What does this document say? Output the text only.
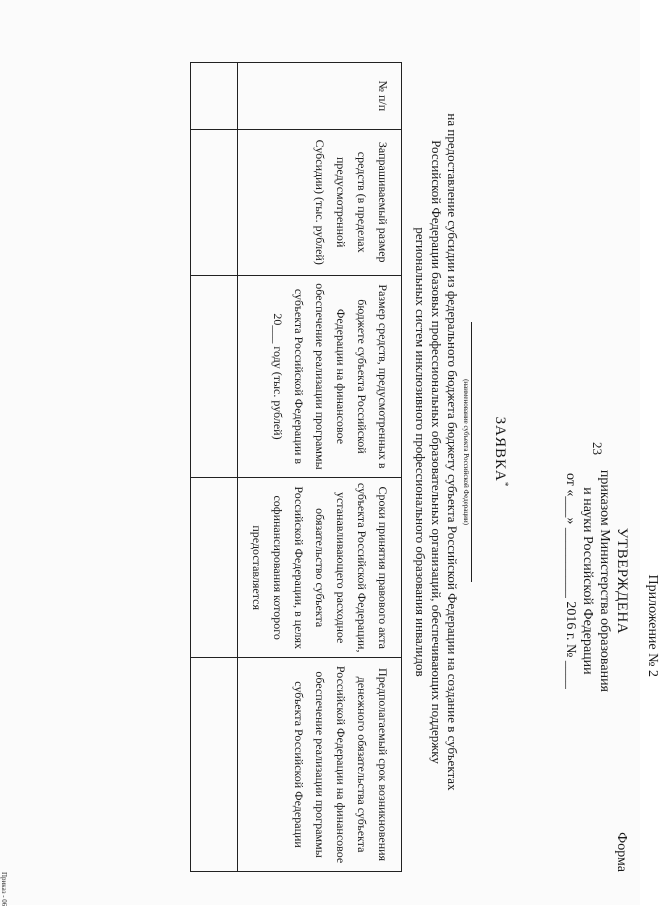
23
Приложение № 2
УТВЕРЖДЕНА
приказом Министерства образования
и науки Российской Федерации
от «___» __________ 2016 г. № ____
Форма
ЗАЯВКА*
(наименование субъекта Российской Федерации)
на предоставление субсидии из федерального бюджета бюджету субъекта Российской Федерации на создание в субъектах
Российской Федерации базовых профессиональных образовательных организаций, обеспечивающих поддержку
региональных систем инклюзивного профессионального образования инвалидов
№ п/п	Запрашиваемый размер средств (в пределах предусмотренной Субсидии) (тыс. рублей)	Размер средств, предусмотренных в бюджете субъекта Российской Федерации на финансовое обеспечение реализации программы субъекта Российской Федерации в 20___ году (тыс. рублей)	Сроки принятия правового акта субъекта Российской Федерации, устанавливающего расходное обязательство субъекта Российской Федерации, в целях софинансирования которого предоставляется	Предполагаемый срок возникновения денежного обязательства субъекта Российской Федерации на финансовое обеспечение реализации программы субъекта Российской Федерации

Приказ - 06
